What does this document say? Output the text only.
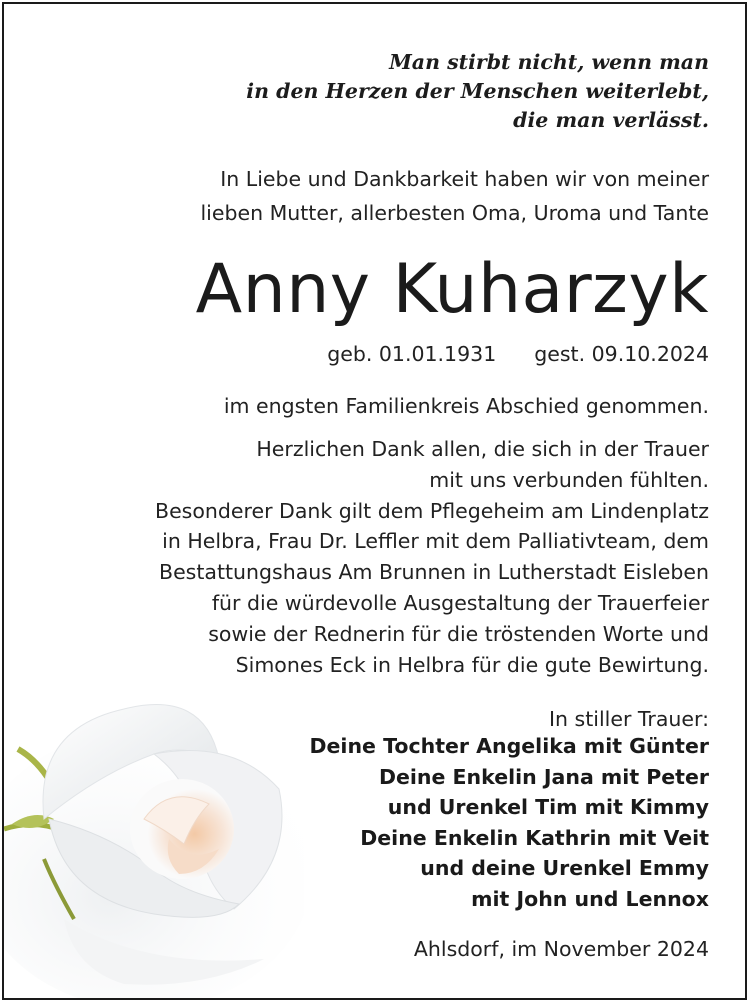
Man stirbt nicht, wenn man
in den Herzen der Menschen weiterlebt,
die man verlässt.
In Liebe und Dankbarkeit haben wir von meiner
lieben Mutter, allerbesten Oma, Uroma und Tante
Anny Kuharzyk
geb. 01.01.1931 gest. 09.10.2024
im engsten Familienkreis Abschied genommen.
Herzlichen Dank allen, die sich in der Trauer
mit uns verbunden fühlten.
Besonderer Dank gilt dem Pflegeheim am Lindenplatz
in Helbra, Frau Dr. Leffler mit dem Palliativteam, dem
Bestattungshaus Am Brunnen in Lutherstadt Eisleben
für die würdevolle Ausgestaltung der Trauerfeier
sowie der Rednerin für die tröstenden Worte und
Simones Eck in Helbra für die gute Bewirtung.
In stiller Trauer:
Deine Tochter Angelika mit Günter
Deine Enkelin Jana mit Peter
und Urenkel Tim mit Kimmy
Deine Enkelin Kathrin mit Veit
und deine Urenkel Emmy
mit John und Lennox
Ahlsdorf, im November 2024
